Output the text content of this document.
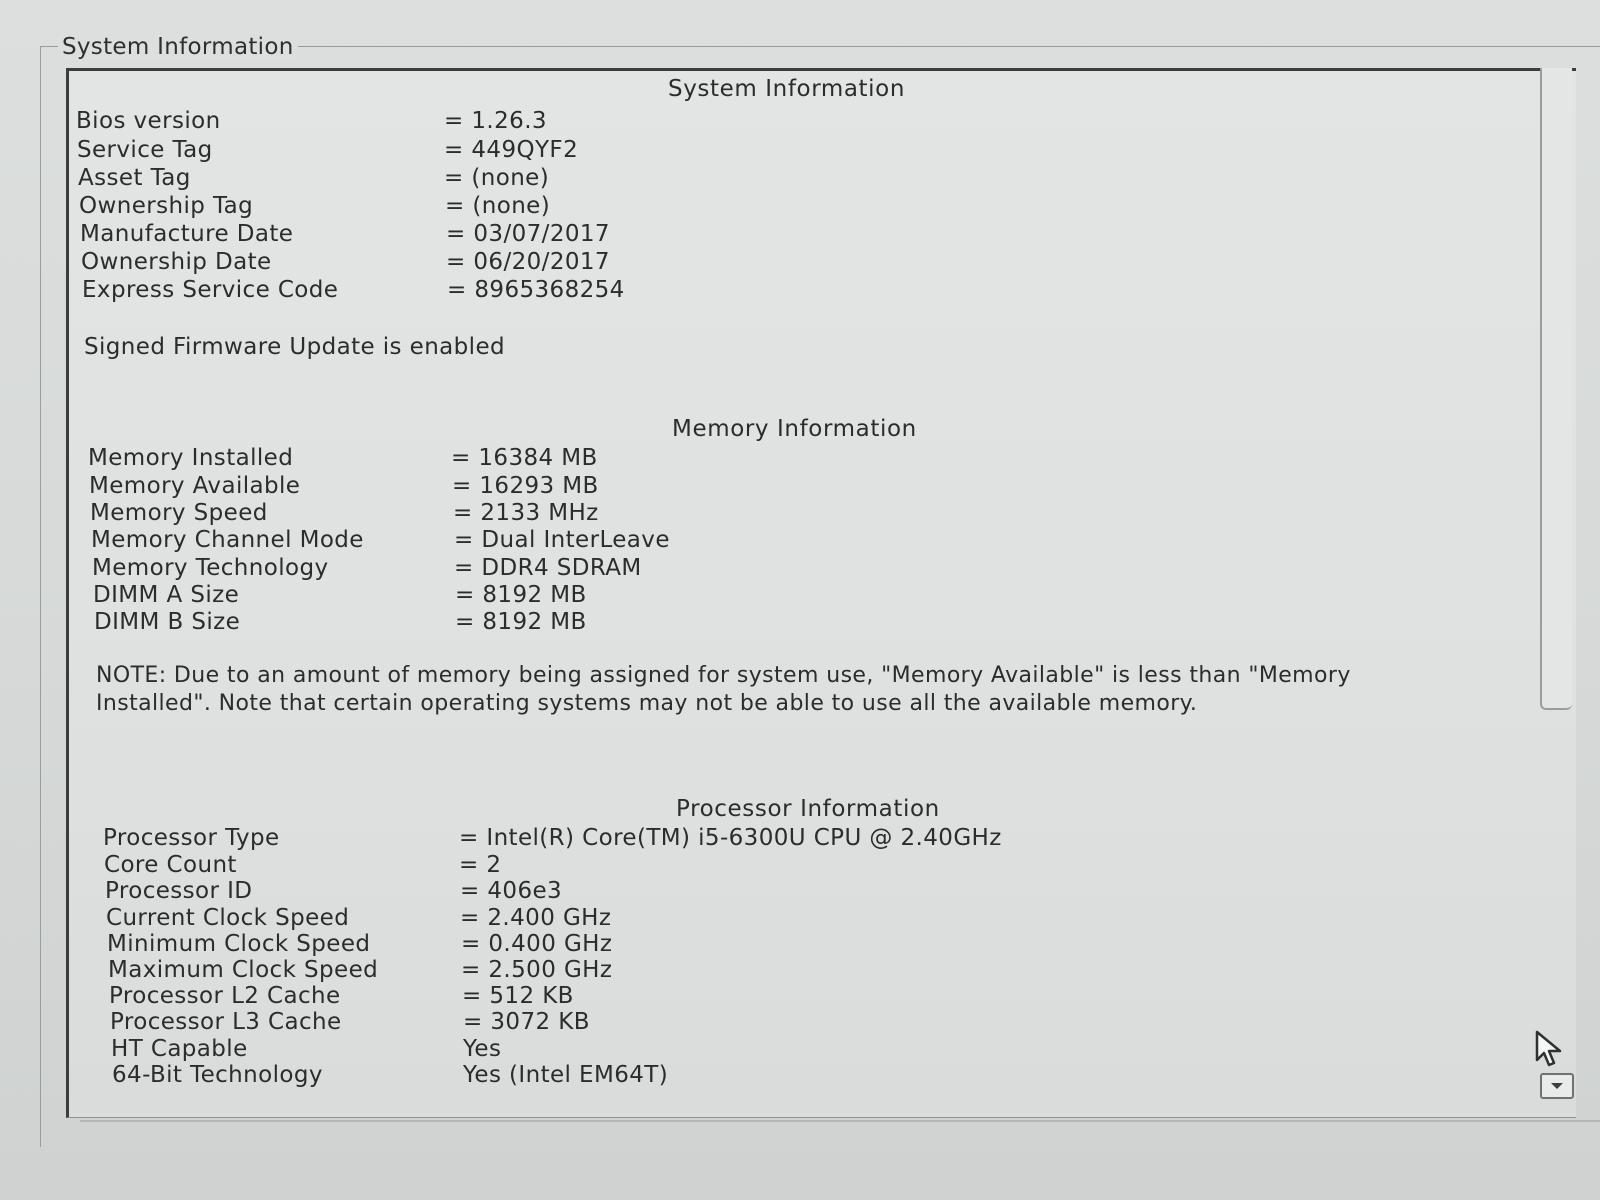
System Information
System Information
Bios version	= 1.26.3
Service Tag	= 449QYF2
Asset Tag	= (none)
Ownership Tag	= (none)
Manufacture Date	= 03/07/2017
Ownership Date	= 06/20/2017
Express Service Code	= 8965368254
Signed Firmware Update is enabled
Memory Information
Memory Installed	= 16384 MB
Memory Available	= 16293 MB
Memory Speed	= 2133 MHz
Memory Channel Mode	= Dual InterLeave
Memory Technology	= DDR4 SDRAM
DIMM A Size	= 8192 MB
DIMM B Size	= 8192 MB
NOTE: Due to an amount of memory being assigned for system use, "Memory Available" is less than "Memory Installed". Note that certain operating systems may not be able to use all the available memory.
Processor Information
Processor Type	= Intel(R) Core(TM) i5-6300U CPU @ 2.40GHz
Core Count	= 2
Processor ID	= 406e3
Current Clock Speed	= 2.400 GHz
Minimum Clock Speed	= 0.400 GHz
Maximum Clock Speed	= 2.500 GHz
Processor L2 Cache	= 512 KB
Processor L3 Cache	= 3072 KB
HT Capable	Yes
64-Bit Technology	Yes (Intel EM64T)
